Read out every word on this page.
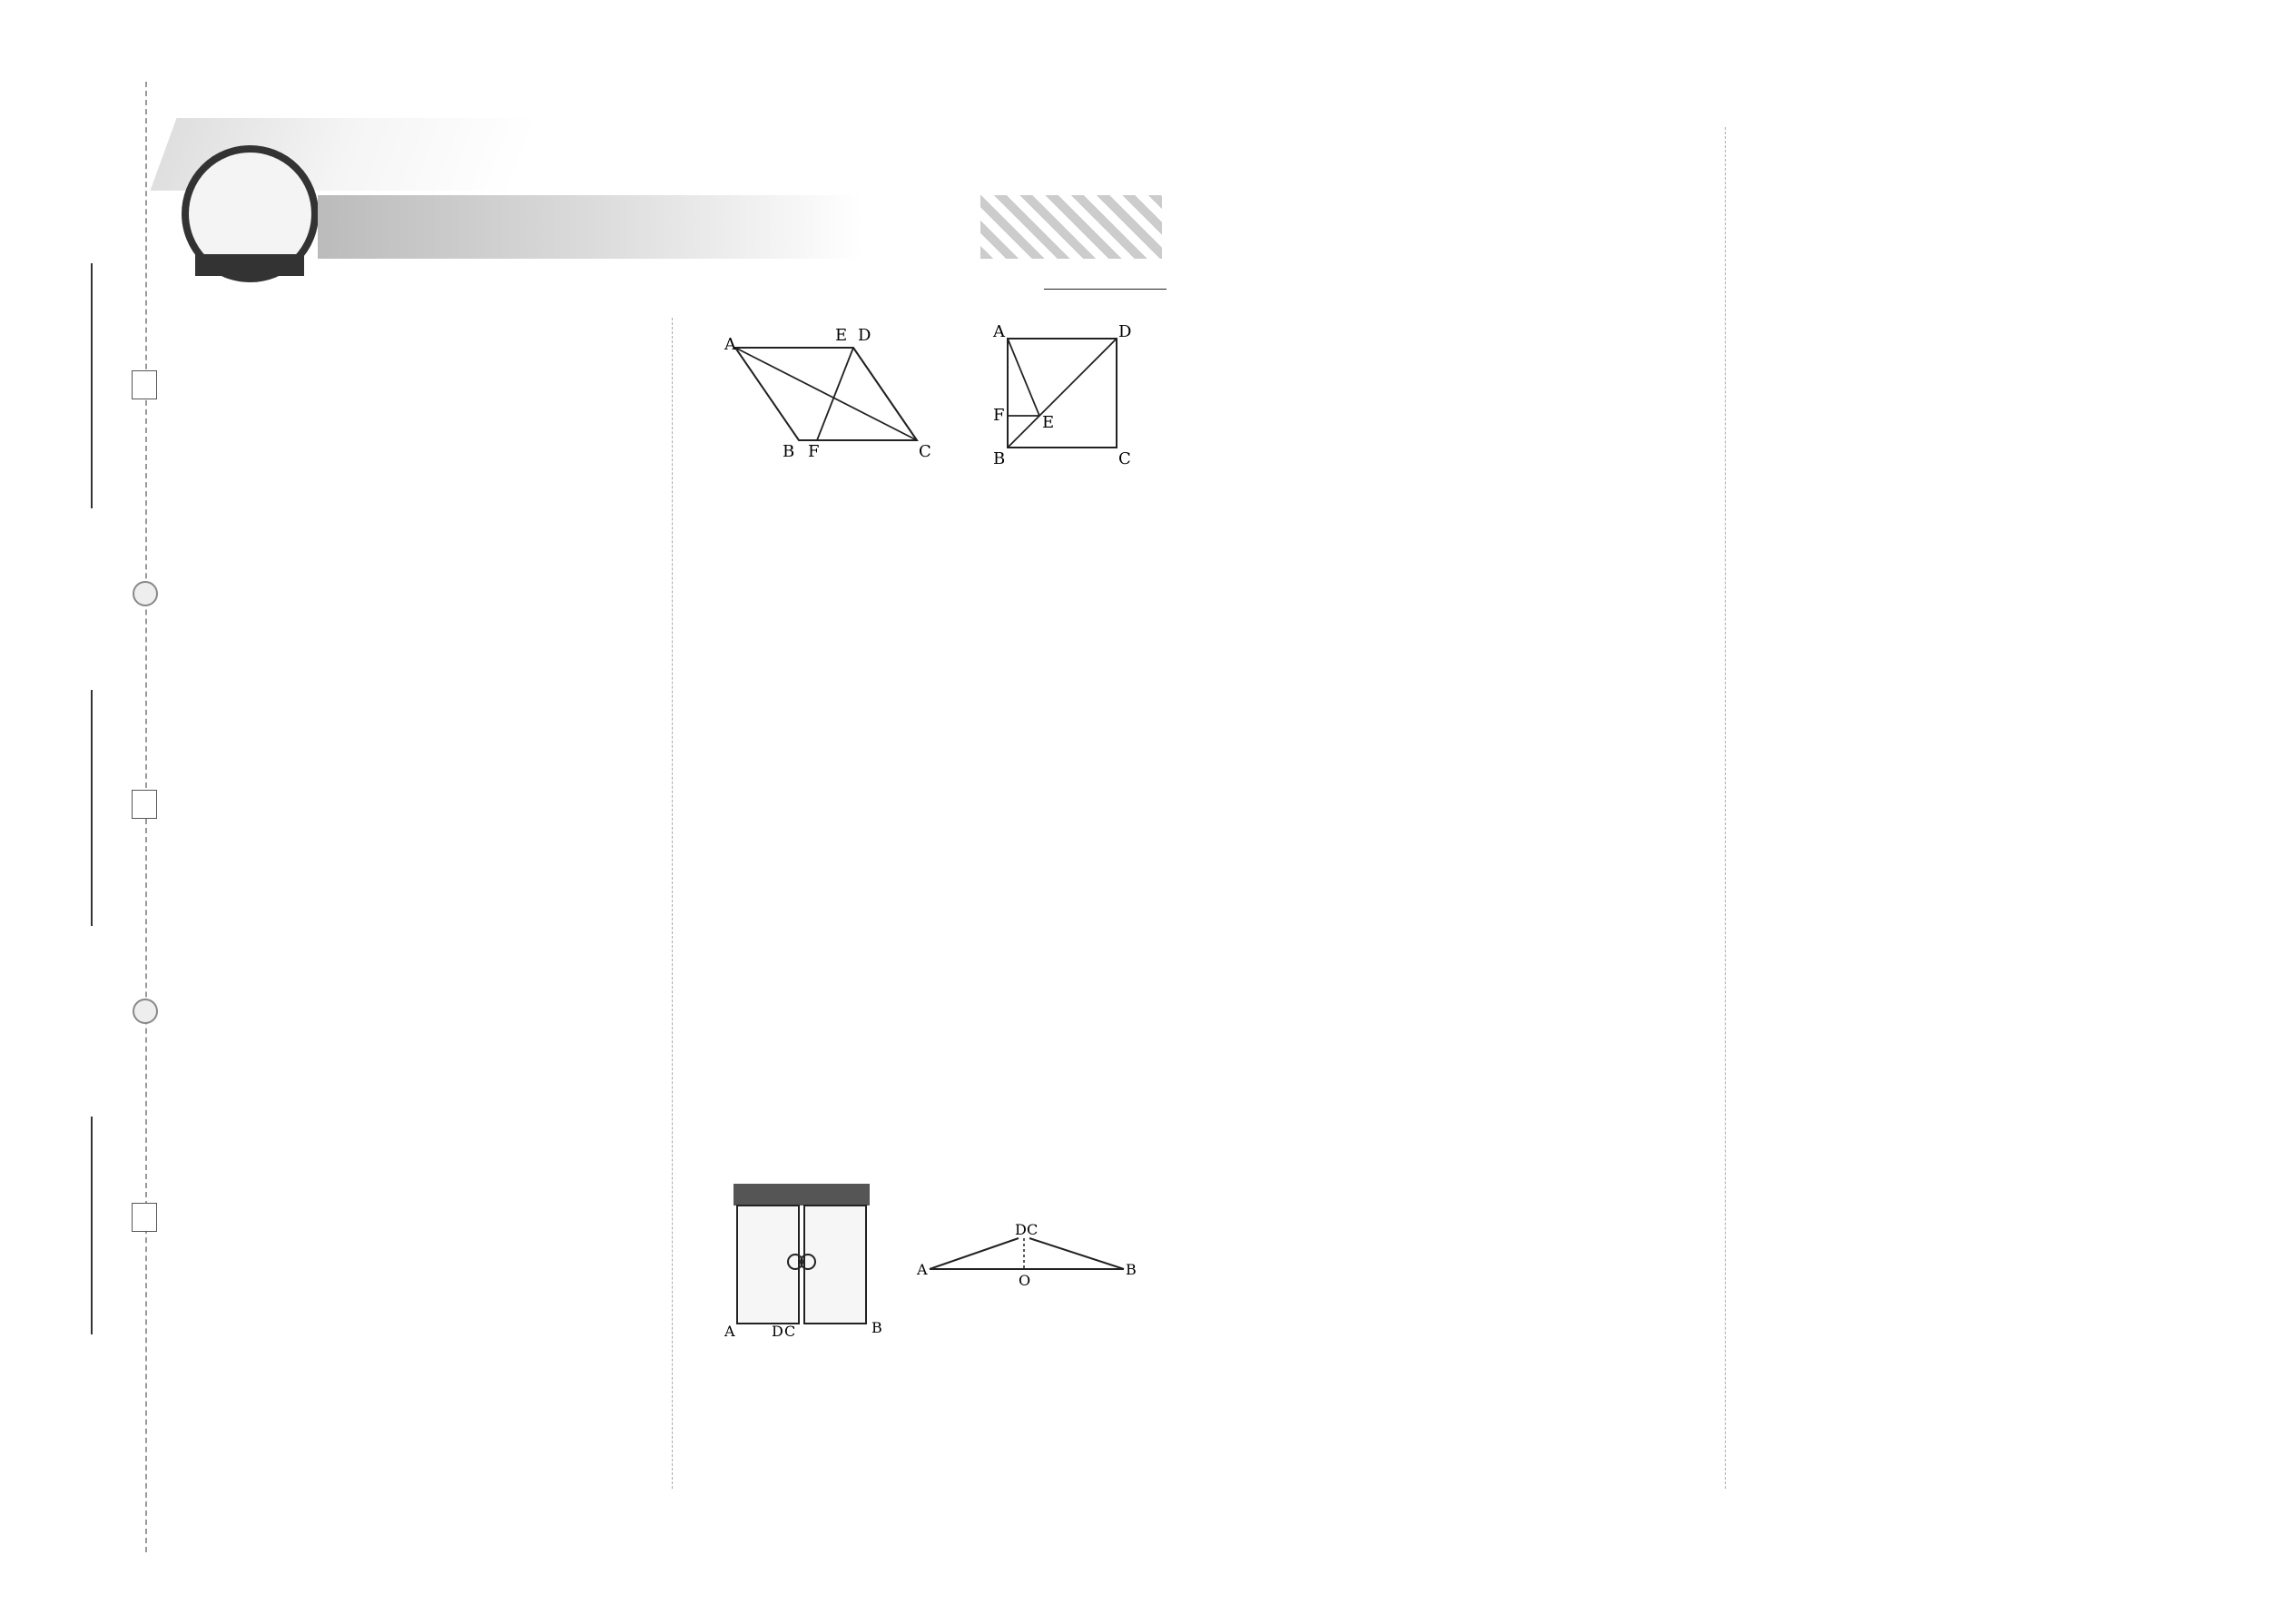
A	E D
B F	C
A	D
F E
B	C

A	D C	B
A	B
D C
O
